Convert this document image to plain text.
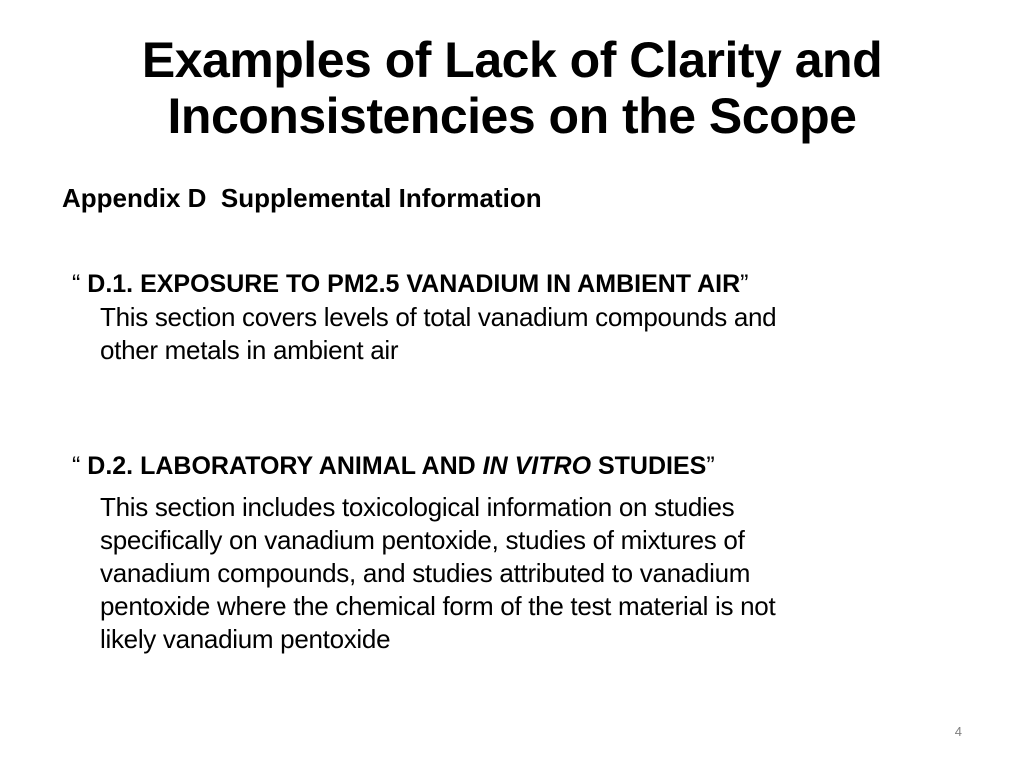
Examples of Lack of Clarity and
Inconsistencies on the Scope
Appendix D  Supplemental Information
“ D.1. EXPOSURE TO PM2.5 VANADIUM IN AMBIENT AIR”
This section covers levels of total vanadium compounds and
other metals in ambient air
“ D.2. LABORATORY ANIMAL AND IN VITRO STUDIES”
This section includes toxicological information on studies
specifically on vanadium pentoxide, studies of mixtures of
vanadium compounds, and studies attributed to vanadium
pentoxide where the chemical form of the test material is not
likely vanadium pentoxide
4
